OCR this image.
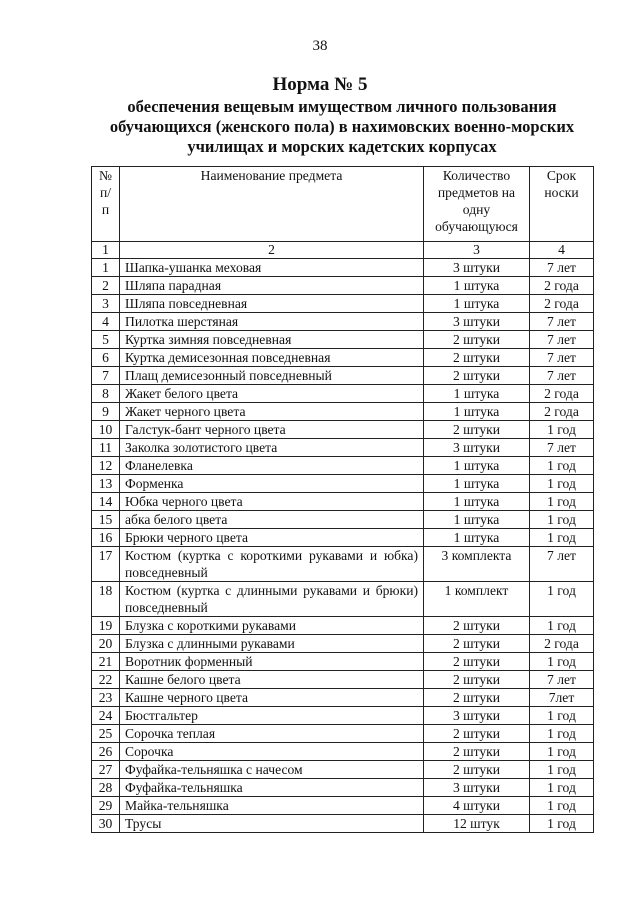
38
Норма № 5
обеспечения вещевым имуществом личного пользования обучающихся (женского пола) в нахимовских военно-морских училищах и морских кадетских корпусах
№ п/п	Наименование предмета	Количество предметов на одну обучающуюся	Срок носки
1	2	3	4
1	Шапка-ушанка меховая	3 штуки	7 лет
2	Шляпа парадная	1 штука	2 года
3	Шляпа повседневная	1 штука	2 года
4	Пилотка шерстяная	3 штуки	7 лет
5	Куртка зимняя повседневная	2 штуки	7 лет
6	Куртка демисезонная повседневная	2 штуки	7 лет
7	Плащ демисезонный повседневный	2 штуки	7 лет
8	Жакет белого цвета	1 штука	2 года
9	Жакет черного цвета	1 штука	2 года
10	Галстук-бант черного цвета	2 штуки	1 год
11	Заколка золотистого цвета	3 штуки	7 лет
12	Фланелевка	1 штука	1 год
13	Форменка	1 штука	1 год
14	Юбка черного цвета	1 штука	1 год
15	абка белого цвета	1 штука	1 год
16	Брюки черного цвета	1 штука	1 год
17	Костюм (куртка с короткими рукавами и юбка) повседневный	3 комплекта	7 лет
18	Костюм (куртка с длинными рукавами и брюки) повседневный	1 комплект	1 год
19	Блузка с короткими рукавами	2 штуки	1 год
20	Блузка с длинными рукавами	2 штуки	2 года
21	Воротник форменный	2 штуки	1 год
22	Кашне белого цвета	2 штуки	7 лет
23	Кашне черного цвета	2 штуки	7лет
24	Бюстгальтер	3 штуки	1 год
25	Сорочка теплая	2 штуки	1 год
26	Сорочка	2 штуки	1 год
27	Фуфайка-тельняшка с начесом	2 штуки	1 год
28	Фуфайка-тельняшка	3 штуки	1 год
29	Майка-тельняшка	4 штуки	1 год
30	Трусы	12 штук	1 год
